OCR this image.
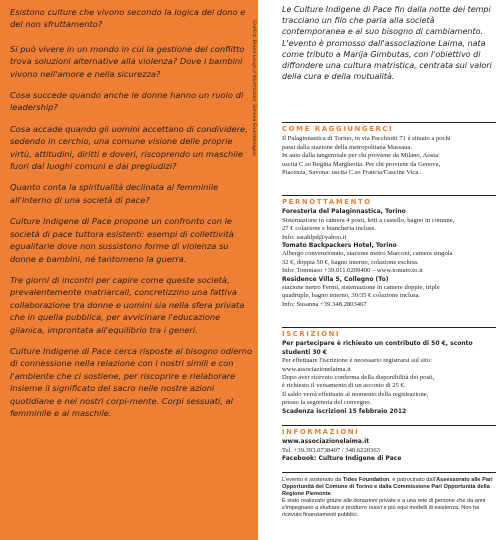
Esistono culture che vivono secondo la logica del dono e del non sfruttamento?

Si può vivere in un mondo in cui la gestione del conflitto trova soluzioni alternative alla violenza? Dove i bambini vivono nell'amore e nella sicurezza?

Cosa succede quando anche le donne hanno un ruolo di leadership?

Cosa accade quando gli uomini accettano di condividere, sedendo in cerchio, una comune visione delle proprie virtù, attitudini, diritti e doveri, riscoprendo un maschile fuori dai luoghi comuni e dai pregiudizi?

Quanto conta la spiritualità declinata al femminile all'interno di una società di pace?

Culture Indigene di Pace propone un confronto con le società di pace tuttora esistenti: esempi di collettività egualitarie dove non sussistono forme di violenza su donne e bambini, né tantomeno la guerra.

Tre giorni di incontri per capire come queste società, prevalentemente matriarcali, concretizzino una fattiva collaborazione tra donne e uomini sia nella sfera privata che in quella pubblica, per avvicinare l'educazione gilanica, improntata all'equilibrio tra i generi.

Culture Indigene di Pace cerca risposte al bisogno odierno di connessione nella relazione con i nostri simili e con l'ambiente che ci sostiene, per riscoprire e rielaborare insieme il significato del sacro nelle nostre azioni quotidiane e nei nostri corpi-mente. Corpi sessuati, al femminile e al maschile.

Grafica: Bruno Longo // Illustrazioni: Simona Guardamagna

Le Culture Indigene di Pace fin dalla notte dei tempi tracciano un filo che parla alla società contemporanea e al suo bisogno di cambiamento.

L'evento è promosso dall'associazione Laima, nata come tributo a Marija Gimbutas, con l'obiettivo di diffondere una cultura matristica, centrata sui valori della cura e della mutualità.

COME RAGGIUNGERCI

Il Palaginnastica di Torino, in via Pacchiotti 71 è situato a pochi

passi dalla stazione della metropolitana Massaua.

In auto dalla tangenziale per chi proviene da Milano, Aosta:

uscita C.so Regina Margherita. Per chi proviene da Genova,

Piacenza, Savona: uscita C.so Francia/Cascine Vica.

PERNOTTAMENTO

Foresteria del Palaginnastica, Torino

Sistemazione in camera 4 posti, letti a castello, bagno in comune,

27 € colazione e biancheria incluse.

Info: sarahlpd@yahoo.it

Tomato Backpackers Hotel, Torino

Albergo convenzionato, stazione metro Marconi, camera singola

32 €, doppia 50 €, bagno interno, colazione esclusa.

Info: Tommaso +39.011.0209400 – www.tomato.to.it

Residence Villa 5, Collegno (To)

stazione metro Fermi, sistemazione in camere doppie, triple

quadruple, bagno interno, 30/35 € colazione inclusa.

Info: Susanna +39.348.2803467

ISCRIZIONI

Per partecipare è richiesto un contributo di 50 €, sconto studenti 30 €

Per effettuare l'iscrizione è necessario registrarsi sul sito:

www.associazionelaima.it

Dopo aver ricevuto conferma della disponibilità dei posti,

è richiesto il versamento di un acconto di 25 €.

Il saldo verrà effettuato al momento della registrazione,

presso la segreteria del convegno.

Scadenza iscrizioni 15 febbraio 2012

INFORMAZIONI

www.associazionelaima.it

Tel. +39.393.0738407 / 340.6220363

Facebook: Culture Indigene di Pace

L'evento è sostenuto da Tides Foundation, e patrocinato dall'Assessorato alle Pari Opportunità del Comune di Torino e dalla Commissione Pari Opportunità della Regione Piemonte.

È stato realizzato grazie alle donazioni private e a una rete di persone che da anni s'impegnano a studiare e produrre nuovi e più equi modelli di esistenza. Non ha ricevuto finanziamenti pubblici.
